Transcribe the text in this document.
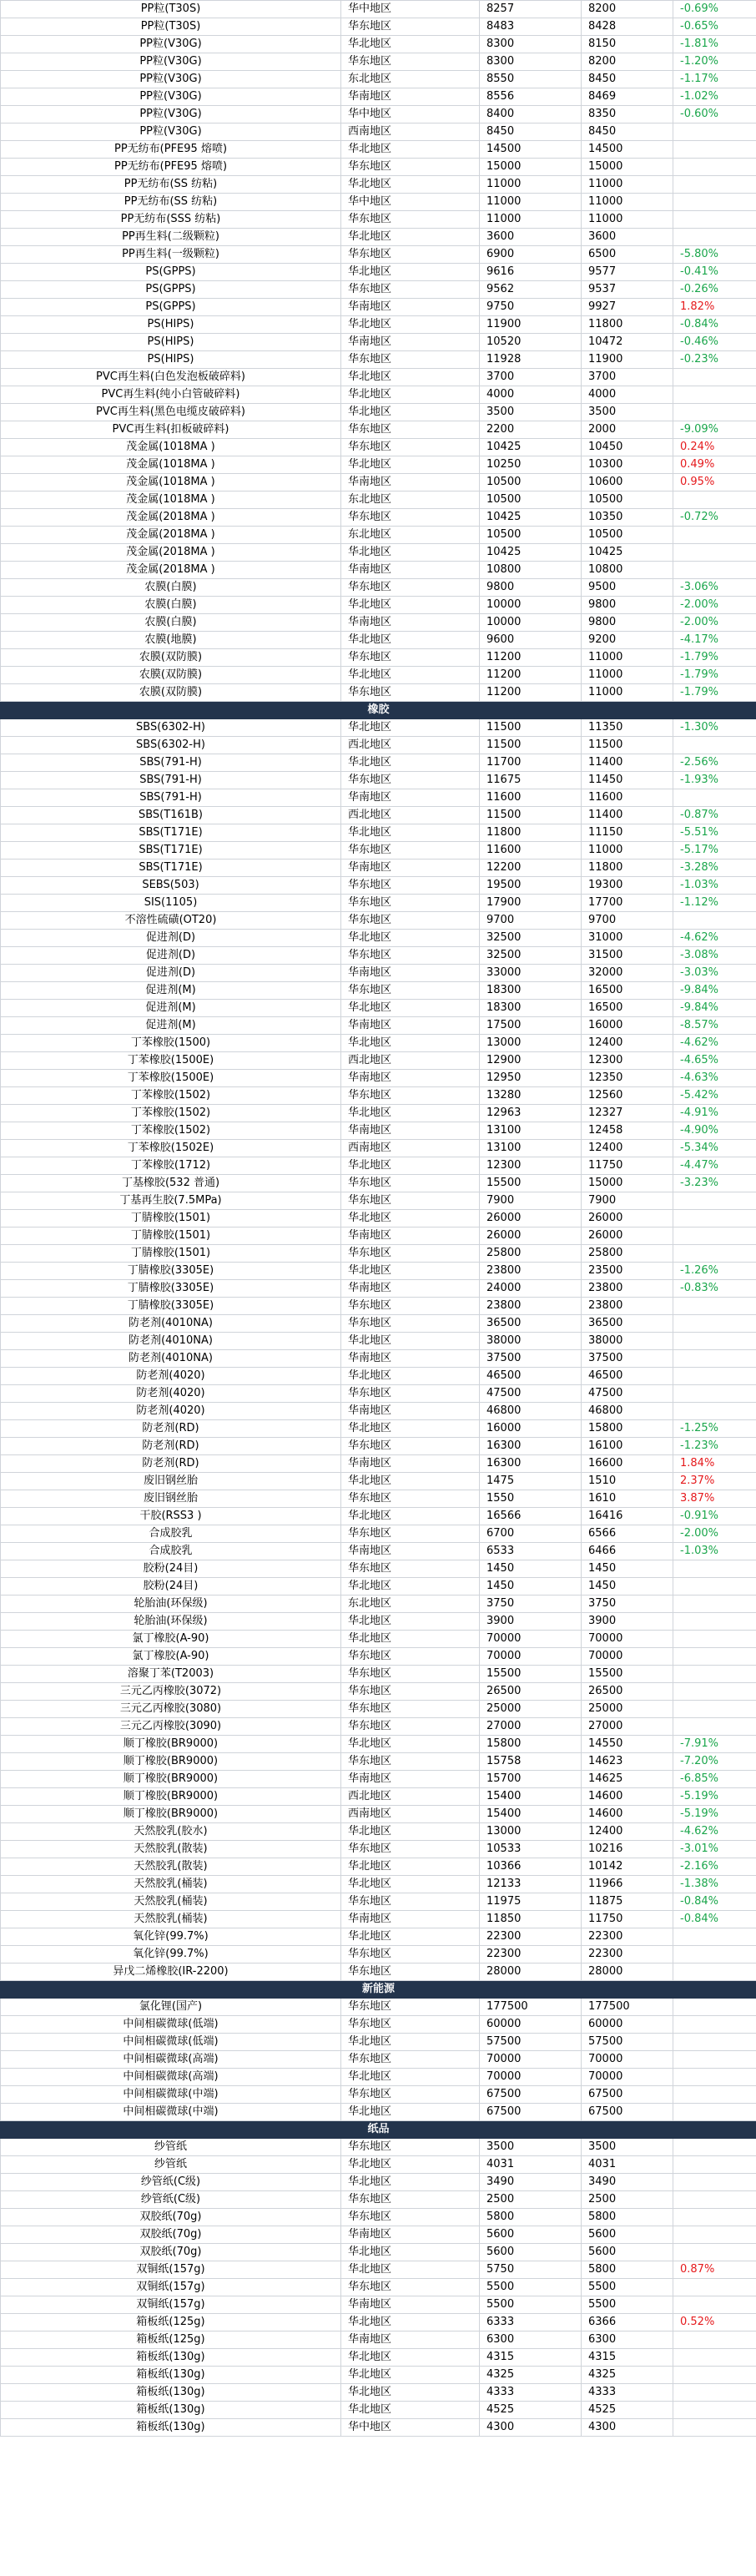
PP粒(T30S)	华中地区	8257	8200	-0.69%
PP粒(T30S)	华东地区	8483	8428	-0.65%
PP粒(V30G)	华北地区	8300	8150	-1.81%
PP粒(V30G)	华东地区	8300	8200	-1.20%
PP粒(V30G)	东北地区	8550	8450	-1.17%
PP粒(V30G)	华南地区	8556	8469	-1.02%
PP粒(V30G)	华中地区	8400	8350	-0.60%
PP粒(V30G)	西南地区	8450	8450	
PP无纺布(PFE95 熔喷)	华北地区	14500	14500	
PP无纺布(PFE95 熔喷)	华东地区	15000	15000	
PP无纺布(SS 纺粘)	华北地区	11000	11000	
PP无纺布(SS 纺粘)	华中地区	11000	11000	
PP无纺布(SSS 纺粘)	华东地区	11000	11000	
PP再生料(二级颗粒)	华北地区	3600	3600	
PP再生料(一级颗粒)	华东地区	6900	6500	-5.80%
PS(GPPS)	华北地区	9616	9577	-0.41%
PS(GPPS)	华东地区	9562	9537	-0.26%
PS(GPPS)	华南地区	9750	9927	1.82%
PS(HIPS)	华北地区	11900	11800	-0.84%
PS(HIPS)	华南地区	10520	10472	-0.46%
PS(HIPS)	华东地区	11928	11900	-0.23%
PVC再生料(白色发泡板破碎料)	华北地区	3700	3700	
PVC再生料(纯小白管破碎料)	华北地区	4000	4000	
PVC再生料(黑色电缆皮破碎料)	华北地区	3500	3500	
PVC再生料(扣板破碎料)	华东地区	2200	2000	-9.09%
茂金属(1018MA )	华东地区	10425	10450	0.24%
茂金属(1018MA )	华北地区	10250	10300	0.49%
茂金属(1018MA )	华南地区	10500	10600	0.95%
茂金属(1018MA )	东北地区	10500	10500	
茂金属(2018MA )	华东地区	10425	10350	-0.72%
茂金属(2018MA )	东北地区	10500	10500	
茂金属(2018MA )	华北地区	10425	10425	
茂金属(2018MA )	华南地区	10800	10800	
农膜(白膜)	华东地区	9800	9500	-3.06%
农膜(白膜)	华北地区	10000	9800	-2.00%
农膜(白膜)	华南地区	10000	9800	-2.00%
农膜(地膜)	华北地区	9600	9200	-4.17%
农膜(双防膜)	华东地区	11200	11000	-1.79%
农膜(双防膜)	华北地区	11200	11000	-1.79%
农膜(双防膜)	华东地区	11200	11000	-1.79%
橡胶				
SBS(6302-H)	华北地区	11500	11350	-1.30%
SBS(6302-H)	西北地区	11500	11500	
SBS(791-H)	华北地区	11700	11400	-2.56%
SBS(791-H)	华东地区	11675	11450	-1.93%
SBS(791-H)	华南地区	11600	11600	
SBS(T161B)	西北地区	11500	11400	-0.87%
SBS(T171E)	华北地区	11800	11150	-5.51%
SBS(T171E)	华东地区	11600	11000	-5.17%
SBS(T171E)	华南地区	12200	11800	-3.28%
SEBS(503)	华东地区	19500	19300	-1.03%
SIS(1105)	华东地区	17900	17700	-1.12%
不溶性硫磺(OT20)	华东地区	9700	9700	
促进剂(D)	华北地区	32500	31000	-4.62%
促进剂(D)	华东地区	32500	31500	-3.08%
促进剂(D)	华南地区	33000	32000	-3.03%
促进剂(M)	华东地区	18300	16500	-9.84%
促进剂(M)	华北地区	18300	16500	-9.84%
促进剂(M)	华南地区	17500	16000	-8.57%
丁苯橡胶(1500)	华北地区	13000	12400	-4.62%
丁苯橡胶(1500E)	西北地区	12900	12300	-4.65%
丁苯橡胶(1500E)	华南地区	12950	12350	-4.63%
丁苯橡胶(1502)	华东地区	13280	12560	-5.42%
丁苯橡胶(1502)	华北地区	12963	12327	-4.91%
丁苯橡胶(1502)	华南地区	13100	12458	-4.90%
丁苯橡胶(1502E)	西南地区	13100	12400	-5.34%
丁苯橡胶(1712)	华北地区	12300	11750	-4.47%
丁基橡胶(532 普通)	华东地区	15500	15000	-3.23%
丁基再生胶(7.5MPa)	华东地区	7900	7900	
丁腈橡胶(1501)	华北地区	26000	26000	
丁腈橡胶(1501)	华南地区	26000	26000	
丁腈橡胶(1501)	华东地区	25800	25800	
丁腈橡胶(3305E)	华北地区	23800	23500	-1.26%
丁腈橡胶(3305E)	华南地区	24000	23800	-0.83%
丁腈橡胶(3305E)	华东地区	23800	23800	
防老剂(4010NA)	华东地区	36500	36500	
防老剂(4010NA)	华北地区	38000	38000	
防老剂(4010NA)	华南地区	37500	37500	
防老剂(4020)	华北地区	46500	46500	
防老剂(4020)	华东地区	47500	47500	
防老剂(4020)	华南地区	46800	46800	
防老剂(RD)	华北地区	16000	15800	-1.25%
防老剂(RD)	华东地区	16300	16100	-1.23%
防老剂(RD)	华南地区	16300	16600	1.84%
废旧钢丝胎	华北地区	1475	1510	2.37%
废旧钢丝胎	华东地区	1550	1610	3.87%
干胶(RSS3 )	华北地区	16566	16416	-0.91%
合成胶乳	华东地区	6700	6566	-2.00%
合成胶乳	华南地区	6533	6466	-1.03%
胶粉(24目)	华东地区	1450	1450	
胶粉(24目)	华北地区	1450	1450	
轮胎油(环保级)	东北地区	3750	3750	
轮胎油(环保级)	华北地区	3900	3900	
氯丁橡胶(A-90)	华北地区	70000	70000	
氯丁橡胶(A-90)	华东地区	70000	70000	
溶聚丁苯(T2003)	华东地区	15500	15500	
三元乙丙橡胶(3072)	华东地区	26500	26500	
三元乙丙橡胶(3080)	华东地区	25000	25000	
三元乙丙橡胶(3090)	华东地区	27000	27000	
顺丁橡胶(BR9000)	华北地区	15800	14550	-7.91%
顺丁橡胶(BR9000)	华东地区	15758	14623	-7.20%
顺丁橡胶(BR9000)	华南地区	15700	14625	-6.85%
顺丁橡胶(BR9000)	西北地区	15400	14600	-5.19%
顺丁橡胶(BR9000)	西南地区	15400	14600	-5.19%
天然胶乳(胶水)	华北地区	13000	12400	-4.62%
天然胶乳(散装)	华东地区	10533	10216	-3.01%
天然胶乳(散装)	华北地区	10366	10142	-2.16%
天然胶乳(桶装)	华北地区	12133	11966	-1.38%
天然胶乳(桶装)	华东地区	11975	11875	-0.84%
天然胶乳(桶装)	华南地区	11850	11750	-0.84%
氧化锌(99.7%)	华北地区	22300	22300	
氧化锌(99.7%)	华东地区	22300	22300	
异戊二烯橡胶(IR-2200)	华东地区	28000	28000	
新能源				
氯化锂(国产)	华东地区	177500	177500	
中间相碳微球(低端)	华东地区	60000	60000	
中间相碳微球(低端)	华北地区	57500	57500	
中间相碳微球(高端)	华东地区	70000	70000	
中间相碳微球(高端)	华北地区	70000	70000	
中间相碳微球(中端)	华东地区	67500	67500	
中间相碳微球(中端)	华北地区	67500	67500	
纸品				
纱管纸	华东地区	3500	3500	
纱管纸	华北地区	4031	4031	
纱管纸(C级)	华北地区	3490	3490	
纱管纸(C级)	华东地区	2500	2500	
双胶纸(70g)	华东地区	5800	5800	
双胶纸(70g)	华南地区	5600	5600	
双胶纸(70g)	华北地区	5600	5600	
双铜纸(157g)	华北地区	5750	5800	0.87%
双铜纸(157g)	华东地区	5500	5500	
双铜纸(157g)	华南地区	5500	5500	
箱板纸(125g)	华北地区	6333	6366	0.52%
箱板纸(125g)	华南地区	6300	6300	
箱板纸(130g)	华北地区	4315	4315	
箱板纸(130g)	华北地区	4325	4325	
箱板纸(130g)	华北地区	4333	4333	
箱板纸(130g)	华北地区	4525	4525	
箱板纸(130g)	华中地区	4300	4300	
